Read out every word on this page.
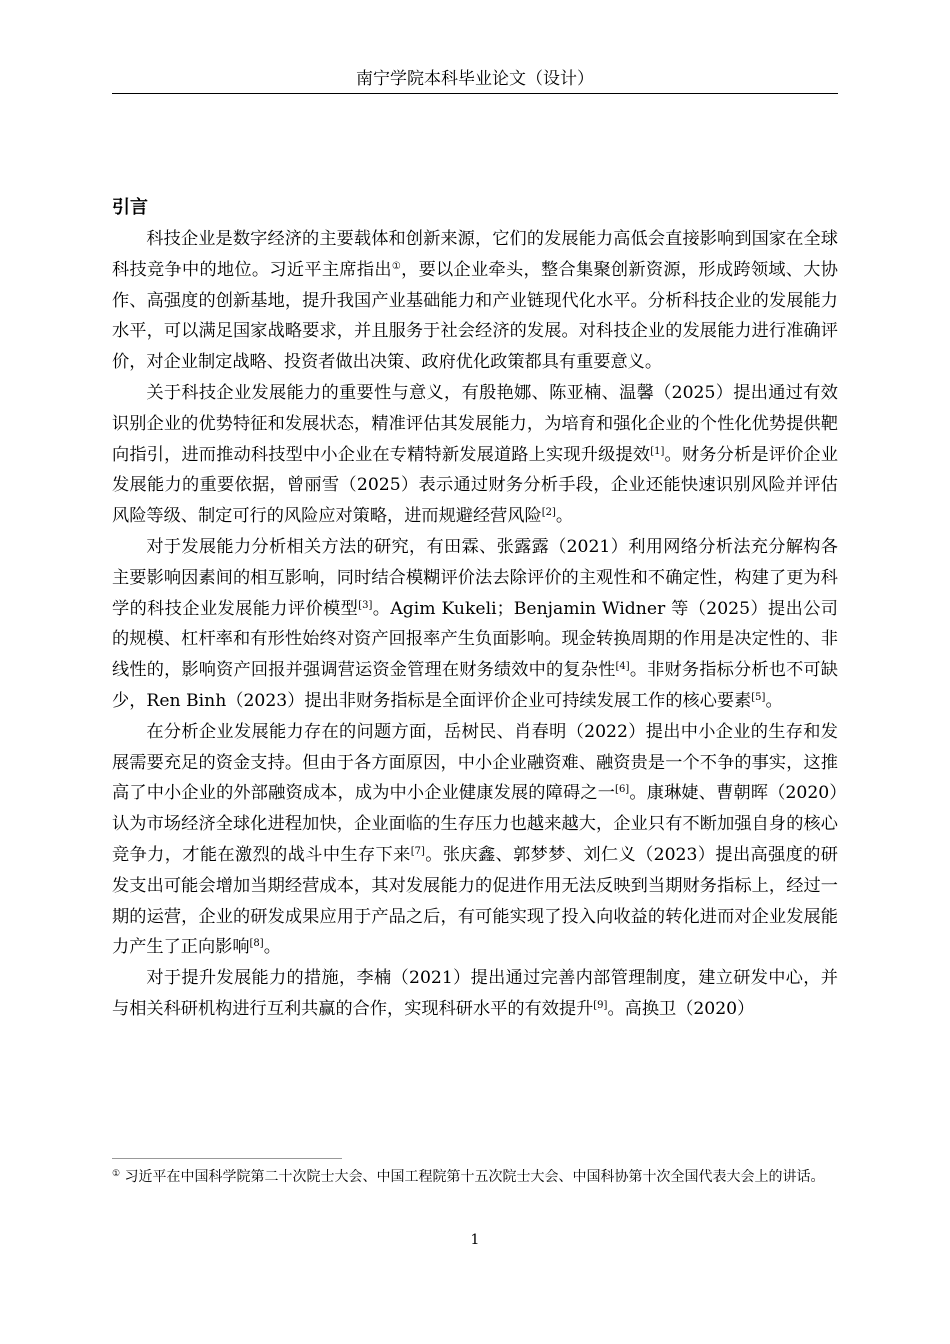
南宁学院本科毕业论文（设计）
引言

科技企业是数字经济的主要载体和创新来源，它们的发展能力高低会直接影响到国家在全球科技竞争中的地位。习近平主席指出①，要以企业牵头，整合集聚创新资源，形成跨领域、大协作、高强度的创新基地，提升我国产业基础能力和产业链现代化水平。分析科技企业的发展能力水平，可以满足国家战略要求，并且服务于社会经济的发展。对科技企业的发展能力进行准确评价，对企业制定战略、投资者做出决策、政府优化政策都具有重要意义。

关于科技企业发展能力的重要性与意义，有殷艳娜、陈亚楠、温馨（2025）提出通过有效识别企业的优势特征和发展状态，精准评估其发展能力，为培育和强化企业的个性化优势提供靶向指引，进而推动科技型中小企业在专精特新发展道路上实现升级提效[1]。财务分析是评价企业发展能力的重要依据，曾丽雪（2025）表示通过财务分析手段，企业还能快速识别风险并评估风险等级、制定可行的风险应对策略，进而规避经营风险[2]。

对于发展能力分析相关方法的研究，有田霖、张露露（2021）利用网络分析法充分解构各主要影响因素间的相互影响，同时结合模糊评价法去除评价的主观性和不确定性，构建了更为科学的科技企业发展能力评价模型[3]。Agim Kukeli；Benjamin Widner 等（2025）提出公司的规模、杠杆率和有形性始终对资产回报率产生负面影响。现金转换周期的作用是决定性的、非线性的，影响资产回报并强调营运资金管理在财务绩效中的复杂性[4]。非财务指标分析也不可缺少，Ren Binh（2023）提出非财务指标是全面评价企业可持续发展工作的核心要素[5]。

在分析企业发展能力存在的问题方面，岳树民、肖春明（2022）提出中小企业的生存和发展需要充足的资金支持。但由于各方面原因，中小企业融资难、融资贵是一个不争的事实，这推高了中小企业的外部融资成本，成为中小企业健康发展的障碍之一[6]。康琳婕、曹朝晖（2020）认为市场经济全球化进程加快，企业面临的生存压力也越来越大，企业只有不断加强自身的核心竞争力，才能在激烈的战斗中生存下来[7]。张庆鑫、郭梦梦、刘仁义（2023）提出高强度的研发支出可能会增加当期经营成本，其对发展能力的促进作用无法反映到当期财务指标上，经过一期的运营，企业的研发成果应用于产品之后，有可能实现了投入向收益的转化进而对企业发展能力产生了正向影响[8]。

对于提升发展能力的措施，李楠（2021）提出通过完善内部管理制度，建立研发中心，并与相关科研机构进行互利共赢的合作，实现科研水平的有效提升[9]。高换卫（2020）

① 习近平在中国科学院第二十次院士大会、中国工程院第十五次院士大会、中国科协第十次全国代表大会上的讲话。
1
